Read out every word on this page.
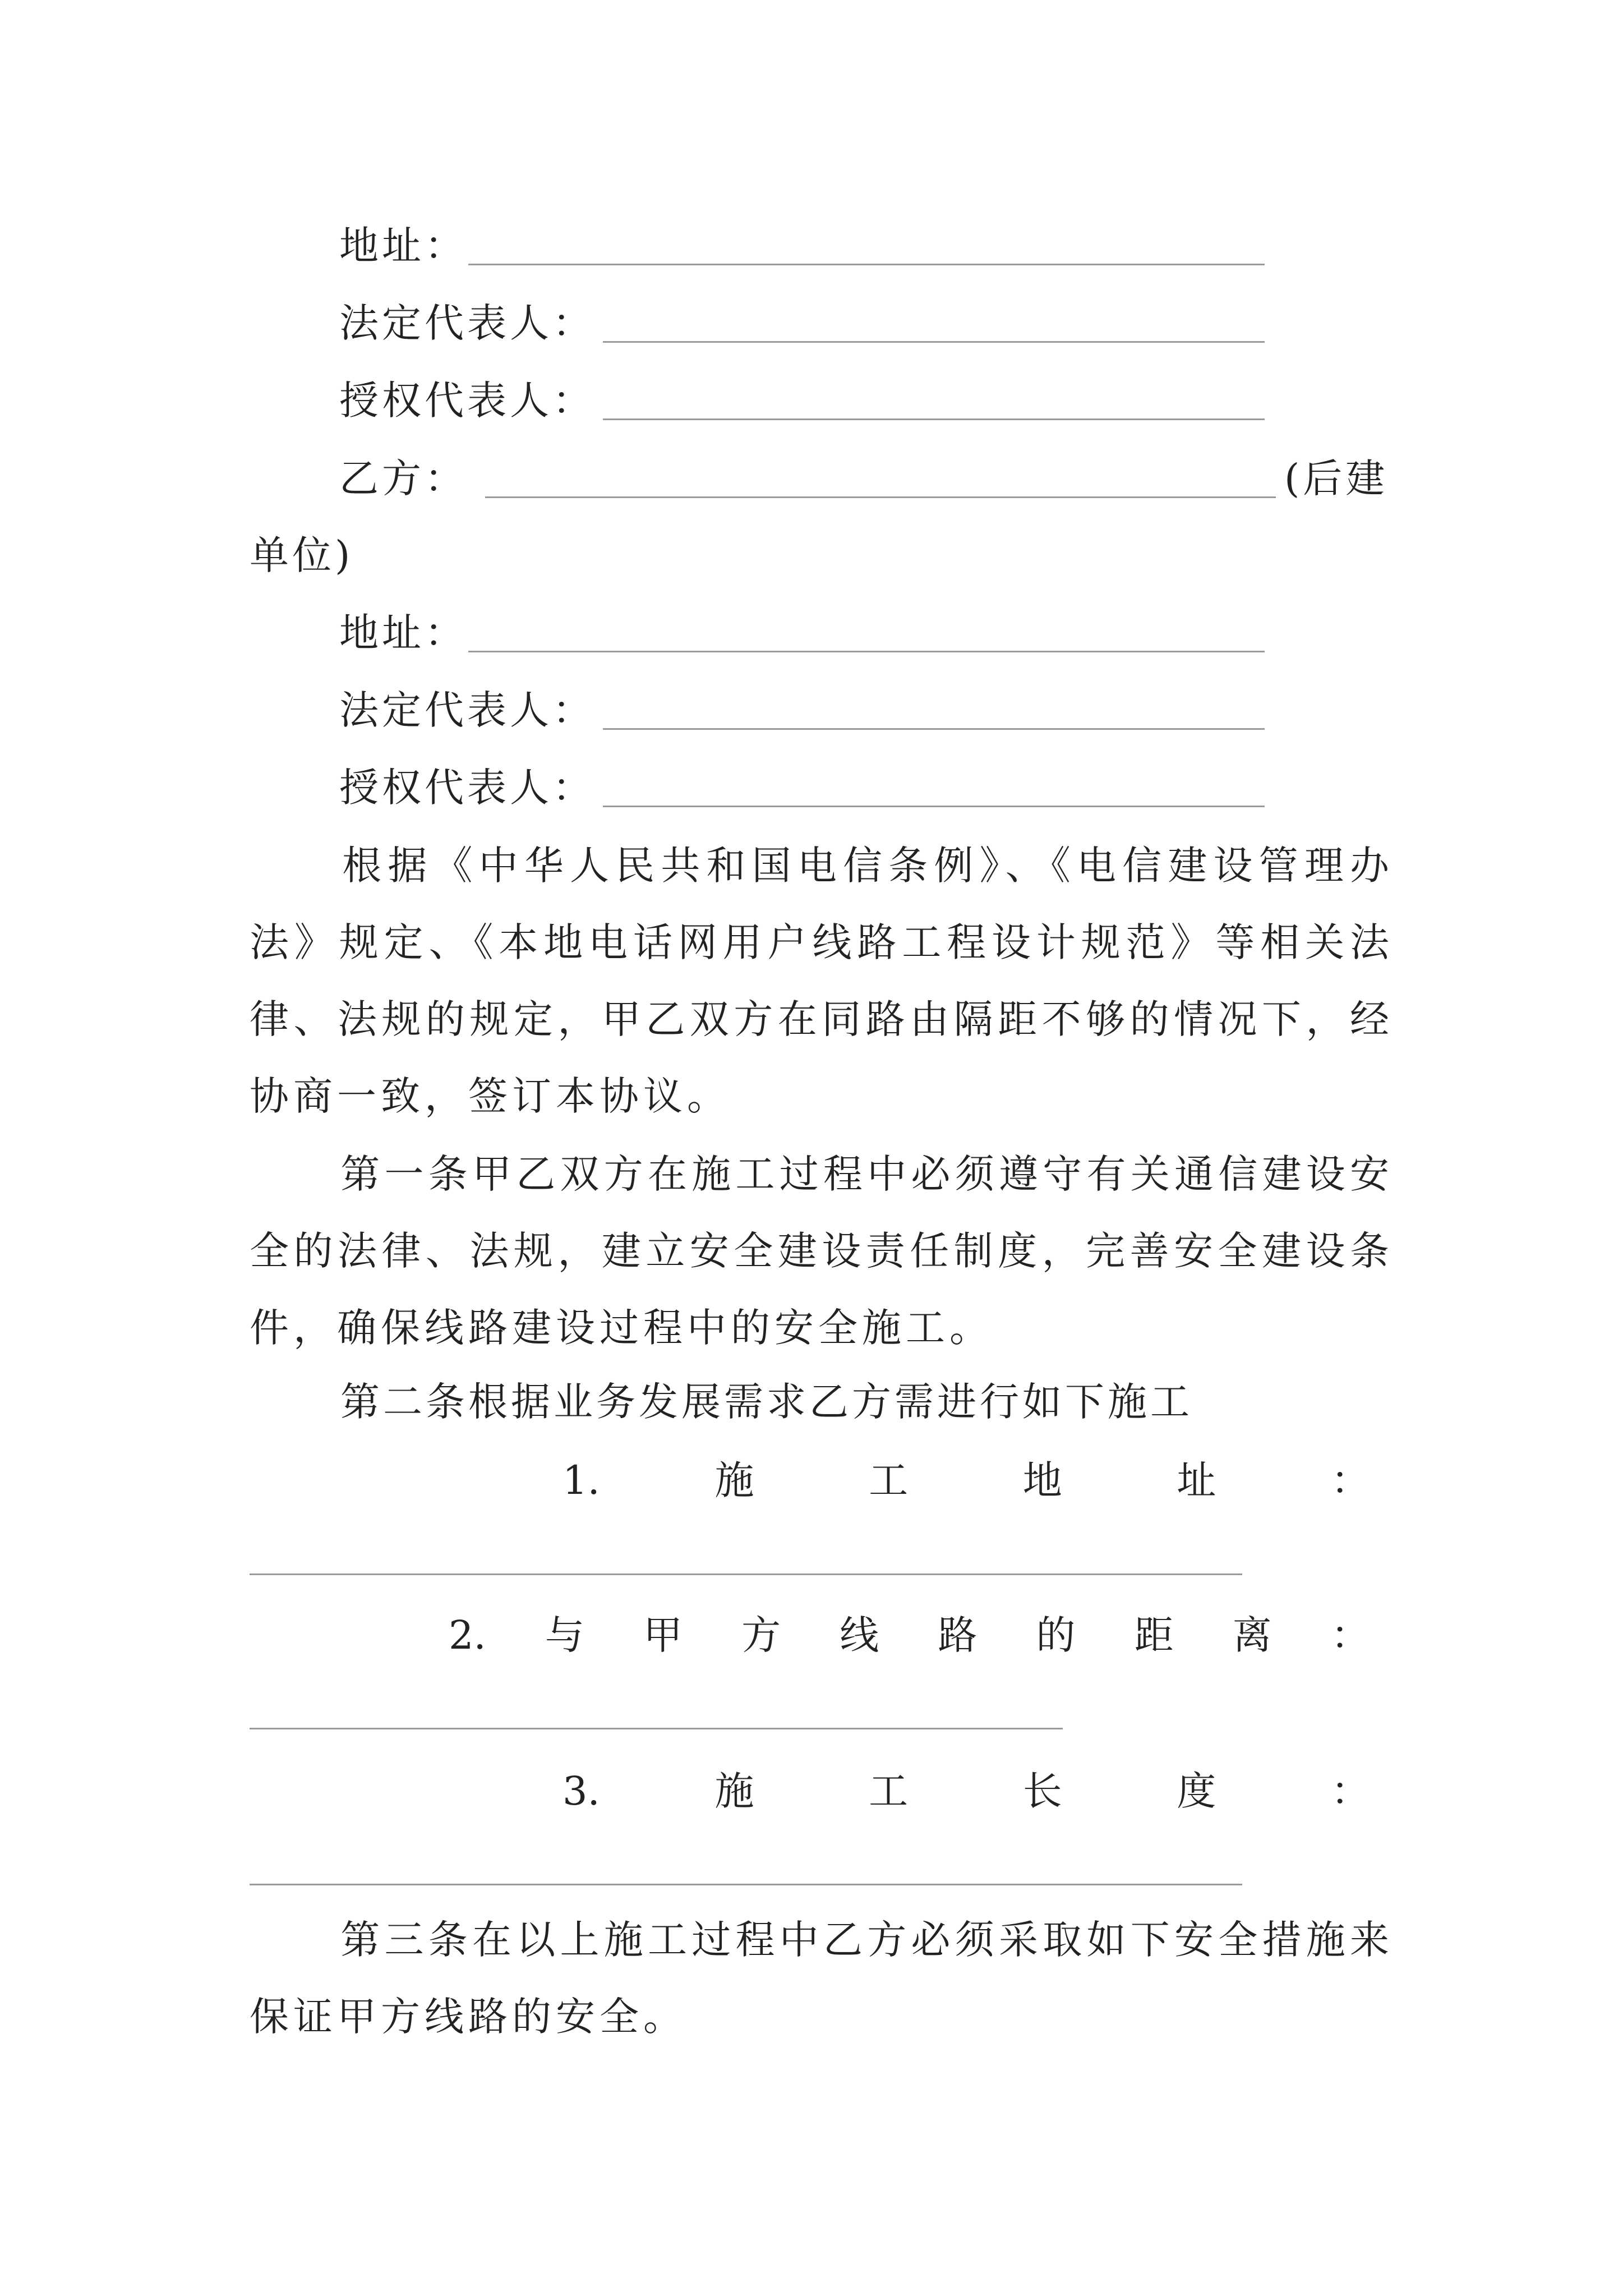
地址：
法定代表人：
授权代表人：
乙方：	(后建
单位)
地址：
法定代表人：
授权代表人：
根据《中华人民共和国电信条例》、《电信建设管理办法》规定、《本地电话网用户线路工程设计规范》等相关法律、法规的规定，甲乙双方在同路由隔距不够的情况下，经协商一致，签订本协议。
第一条甲乙双方在施工过程中必须遵守有关通信建设安全的法律、法规，建立安全建设责任制度，完善安全建设条件，确保线路建设过程中的安全施工。
第二条根据业务发展需求乙方需进行如下施工
1.	施	工	地	址	：
2. 与 甲 方 线 路 的 距 离 ：
3.	施	工	长	度	：
第三条在以上施工过程中乙方必须采取如下安全措施来保证甲方线路的安全。
